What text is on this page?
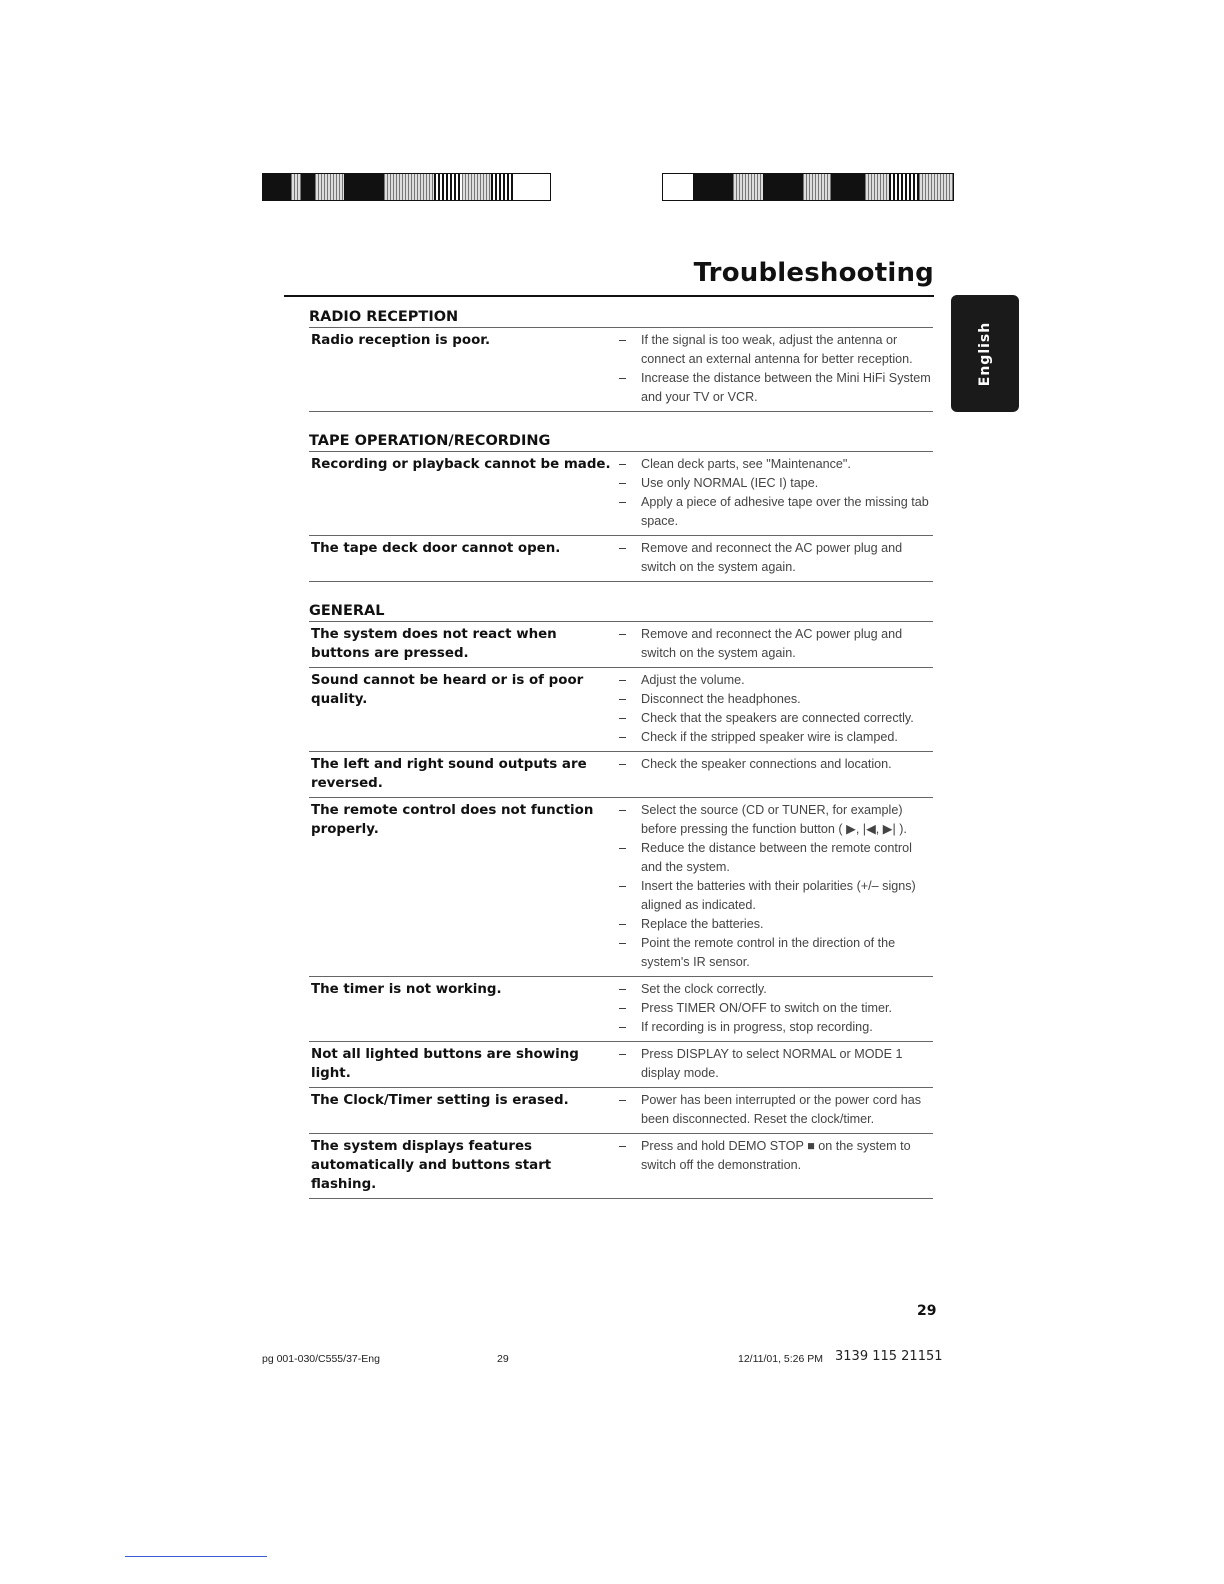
Troubleshooting
English
RADIO RECEPTION
Radio reception is poor.	–	If the signal is too weak, adjust the antenna or connect an external antenna for better reception.
–	Increase the distance between the Mini HiFi System and your TV or VCR.
TAPE OPERATION/RECORDING
Recording or playback cannot be made. –	Clean deck parts, see "Maintenance".
–	Use only NORMAL (IEC I) tape.
–	Apply a piece of adhesive tape over the missing tab space.
The tape deck door cannot open.	–	Remove and reconnect the AC power plug and switch on the system again.
GENERAL
The system does not react when buttons are pressed.
–	Remove and reconnect the AC power plug and switch on the system again.
Sound cannot be heard or is of poor quality.
–	Adjust the volume.
–	Disconnect the headphones.
–	Check that the speakers are connected correctly.
–	Check if the stripped speaker wire is clamped.
The left and right sound outputs are reversed.
–	Check the speaker connections and location.
The remote control does not function properly.
–	Select the source (CD or TUNER, for example) before pressing the function button ( ▶, |◀, ▶| ).
–	Reduce the distance between the remote control and the system.
–	Insert the batteries with their polarities (+/– signs) aligned as indicated.
–	Replace the batteries.
–	Point the remote control in the direction of the system's IR sensor.
The timer is not working.	–	Set the clock correctly.
–	Press TIMER ON/OFF to switch on the timer.
–	If recording is in progress, stop recording.
Not all lighted buttons are showing light.
–	Press DISPLAY to select NORMAL or MODE 1 display mode.
The Clock/Timer setting is erased.	–	Power has been interrupted or the power cord has been disconnected. Reset the clock/timer.
The system displays features automatically and buttons start flashing.
–	Press and hold DEMO STOP ■ on the system to switch off the demonstration.
29
pg 001-030/C555/37-Eng	29	12/11/01, 5:26 PM 3139 115 21151
